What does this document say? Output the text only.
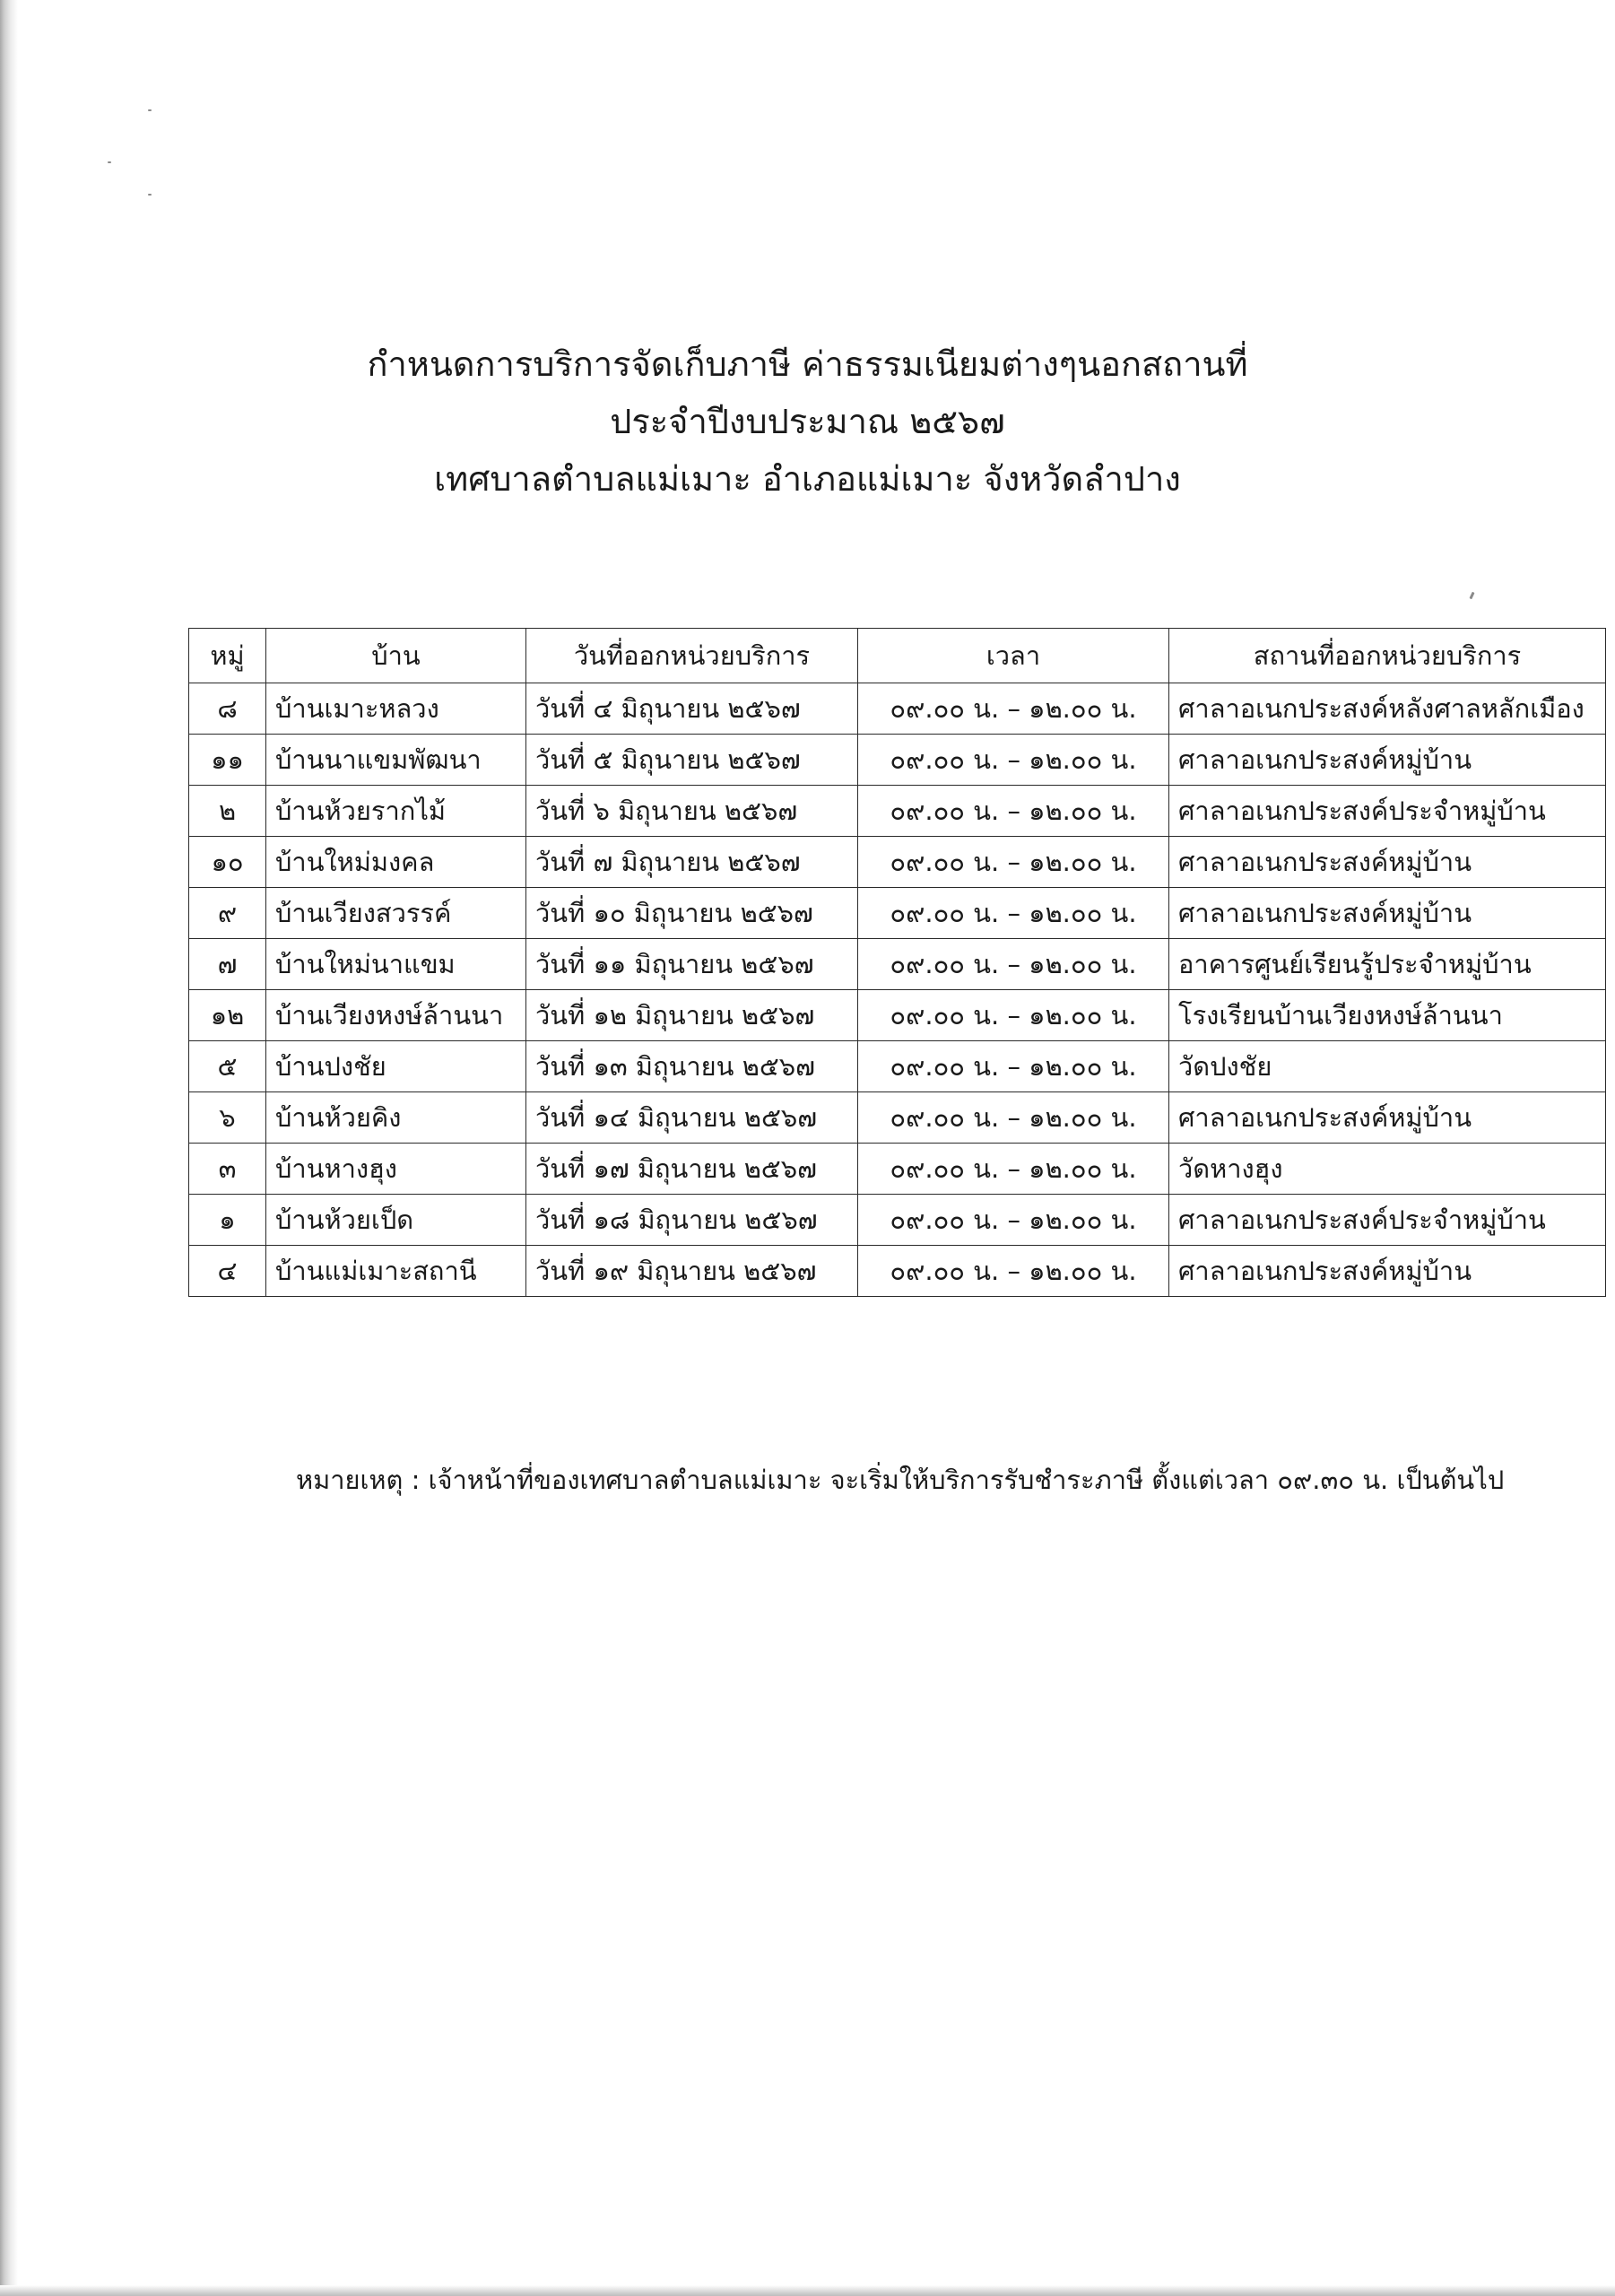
กำหนดการบริการจัดเก็บภาษี ค่าธรรมเนียมต่างๆนอกสถานที่
ประจำปีงบประมาณ ๒๕๖๗
เทศบาลตำบลแม่เมาะ อำเภอแม่เมาะ จังหวัดลำปาง
หมู่	บ้าน	วันที่ออกหน่วยบริการ	เวลา	สถานที่ออกหน่วยบริการ
๘	บ้านเมาะหลวง	วันที่ ๔ มิถุนายน ๒๕๖๗	๐๙.๐๐ น. – ๑๒.๐๐ น.	ศาลาอเนกประสงค์หลังศาลหลักเมือง
๑๑	บ้านนาแขมพัฒนา	วันที่ ๕ มิถุนายน ๒๕๖๗	๐๙.๐๐ น. – ๑๒.๐๐ น.	ศาลาอเนกประสงค์หมู่บ้าน
๒	บ้านห้วยรากไม้	วันที่ ๖ มิถุนายน ๒๕๖๗	๐๙.๐๐ น. – ๑๒.๐๐ น.	ศาลาอเนกประสงค์ประจำหมู่บ้าน
๑๐	บ้านใหม่มงคล	วันที่ ๗ มิถุนายน ๒๕๖๗	๐๙.๐๐ น. – ๑๒.๐๐ น.	ศาลาอเนกประสงค์หมู่บ้าน
๙	บ้านเวียงสวรรค์	วันที่ ๑๐ มิถุนายน ๒๕๖๗	๐๙.๐๐ น. – ๑๒.๐๐ น.	ศาลาอเนกประสงค์หมู่บ้าน
๗	บ้านใหม่นาแขม	วันที่ ๑๑ มิถุนายน ๒๕๖๗	๐๙.๐๐ น. – ๑๒.๐๐ น.	อาคารศูนย์เรียนรู้ประจำหมู่บ้าน
๑๒	บ้านเวียงหงษ์ล้านนา	วันที่ ๑๒ มิถุนายน ๒๕๖๗	๐๙.๐๐ น. – ๑๒.๐๐ น.	โรงเรียนบ้านเวียงหงษ์ล้านนา
๕	บ้านปงชัย	วันที่ ๑๓ มิถุนายน ๒๕๖๗	๐๙.๐๐ น. – ๑๒.๐๐ น.	วัดปงชัย
๖	บ้านห้วยคิง	วันที่ ๑๔ มิถุนายน ๒๕๖๗	๐๙.๐๐ น. – ๑๒.๐๐ น.	ศาลาอเนกประสงค์หมู่บ้าน
๓	บ้านหางฮุง	วันที่ ๑๗ มิถุนายน ๒๕๖๗	๐๙.๐๐ น. – ๑๒.๐๐ น.	วัดหางฮุง
๑	บ้านห้วยเป็ด	วันที่ ๑๘ มิถุนายน ๒๕๖๗	๐๙.๐๐ น. – ๑๒.๐๐ น.	ศาลาอเนกประสงค์ประจำหมู่บ้าน
๔	บ้านแม่เมาะสถานี	วันที่ ๑๙ มิถุนายน ๒๕๖๗	๐๙.๐๐ น. – ๑๒.๐๐ น.	ศาลาอเนกประสงค์หมู่บ้าน
หมายเหตุ : เจ้าหน้าที่ของเทศบาลตำบลแม่เมาะ จะเริ่มให้บริการรับชำระภาษี ตั้งแต่เวลา ๐๙.๓๐ น. เป็นต้นไป
